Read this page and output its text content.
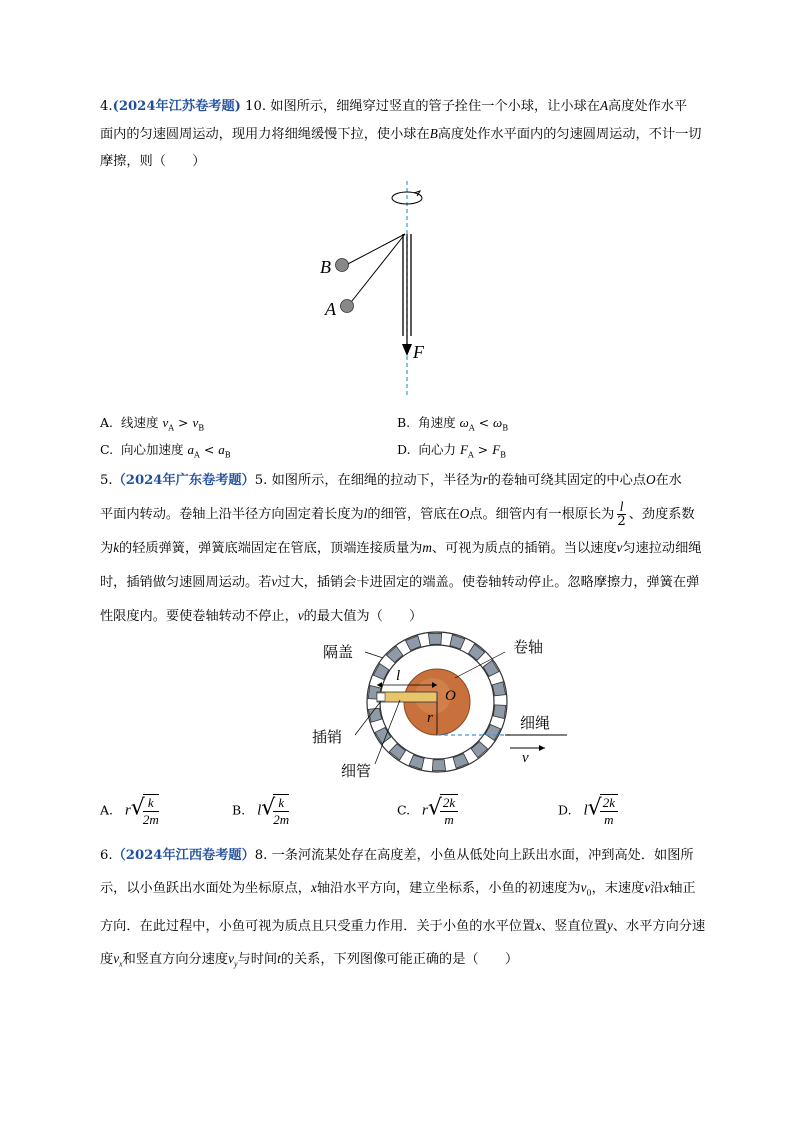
4.(2024年江苏卷考题) 10. 如图所示，细绳穿过竖直的管子拴住一个小球，让小球在A高度处作水平
面内的匀速圆周运动，现用力将细绳缓慢下拉，使小球在B高度处作水平面内的匀速圆周运动，不计一切
摩擦，则（　　）
B
A
F
A. 线速度 $v_A > v_B$	B. 角速度 $\omega_A < \omega_B$
C. 向心加速度 $a_A < a_B$	D. 向心力 $F_A > F_B$
5.（2024年广东卷考题）5. 如图所示，在细绳的拉动下，半径为r的卷轴可绕其固定的中心点O在水
平面内转动。卷轴上沿半径方向固定着长度为l的细管，管底在O点。细管内有一根原长为 $\frac{l}{2}$ 、劲度系数
为k的轻质弹簧，弹簧底端固定在管底，顶端连接质量为m、可视为质点的插销。当以速度v匀速拉动细绳
时，插销做匀速圆周运动。若v过大，插销会卡进固定的端盖。使卷轴转动停止。忽略摩擦力，弹簧在弹
性限度内。要使卷轴转动不停止，v的最大值为（　　）
隔盖	卷轴
l
O
r	细绳
插销
细管
v
A. r√
$\frac{k}{2m}$	B. l√
$\frac{k}{2m}$	C. r√
$\frac{2k}{m}$	D. l√
$\frac{2k}{m}$
6.（2024年江西卷考题）8. 一条河流某处存在高度差，小鱼从低处向上跃出水面，冲到高处．如图所
示，以小鱼跃出水面处为坐标原点，x轴沿水平方向，建立坐标系，小鱼的初速度为$v_0$，末速度v沿x轴正
方向．在此过程中，小鱼可视为质点且只受重力作用．关于小鱼的水平位置x、竖直位置y、水平方向分速
度$v_x$和竖直方向分速度$v_y$与时间t的关系，下列图像可能正确的是（　　）
